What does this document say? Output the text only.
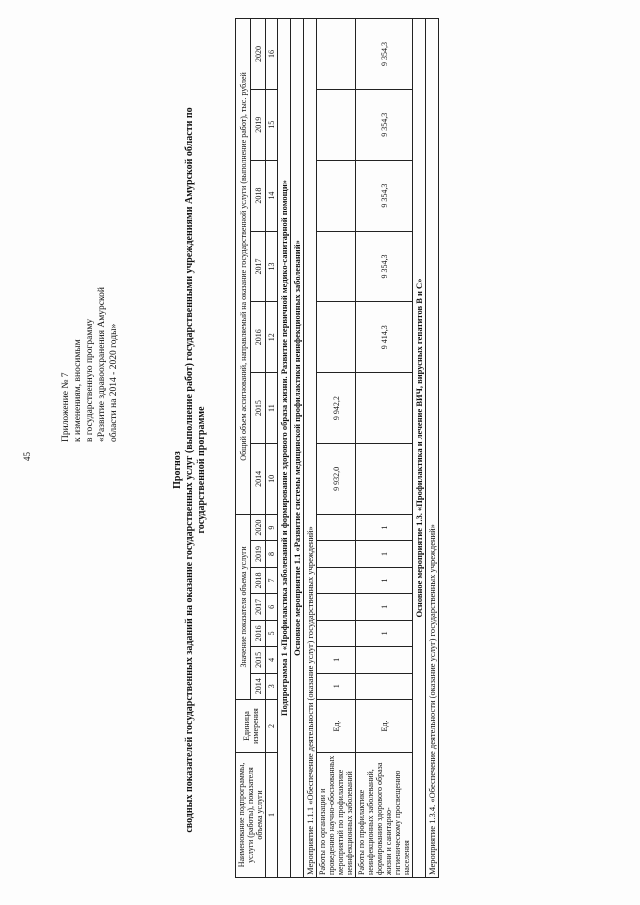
45
Приложение № 7 к изменениям, вносимым в государственную программу «Развитие здравоохранения Амурской области на 2014 - 2020 годы»
Прогноз сводных показателей государственных заданий на оказание государственных услуг (выполнение работ) государственными учреждениями Амурской области по государственной программе
Наименование подпрограммы, услуги (работы), показателя объема услуги	Единица измерения	Значение показателя объема услуги							Общий объем ассигнований, направляемый на оказание государственной услуги (выполнение работ), тыс. рублей						
		2014	2015	2016	2017	2018	2019	2020	2014	2015	2016	2017	2018	2019	2020
1	2	3	4	5	6	7	8	9	10	11	12	13	14	15	16
Подпрограмма 1 «Профилактика заболеваний и формирование здорового образа жизни. Развитие первичной медико-санитарной помощи»															
Основное мероприятие 1.1 «Развитие системы медицинской профилактики неинфекционных заболеваний»															
Мероприятие 1.1.1 «Обеспечение деятельности (оказание услуг) государственных учреждений»															
Работы по организации и проведению научно-обоснованных мероприятий по профилактике неинфекционных заболеваний	Ед.	1	1						9 932,0	9 942,2					
Работы по профилактике неинфекционных заболеваний, формированию здорового образа жизни и санитарно-гигиеническому просвещению населения	Ед.			1	1	1	1	1			9 414,3	9 354,3	9 354,3	9 354,3	9 354,3
Основное мероприятие 1.3. «Профилактика и лечение ВИЧ, вирусных гепатитов В и С»															
Мероприятие 1.3.4. «Обеспечение деятельности (оказание услуг) государственных учреждений»															
